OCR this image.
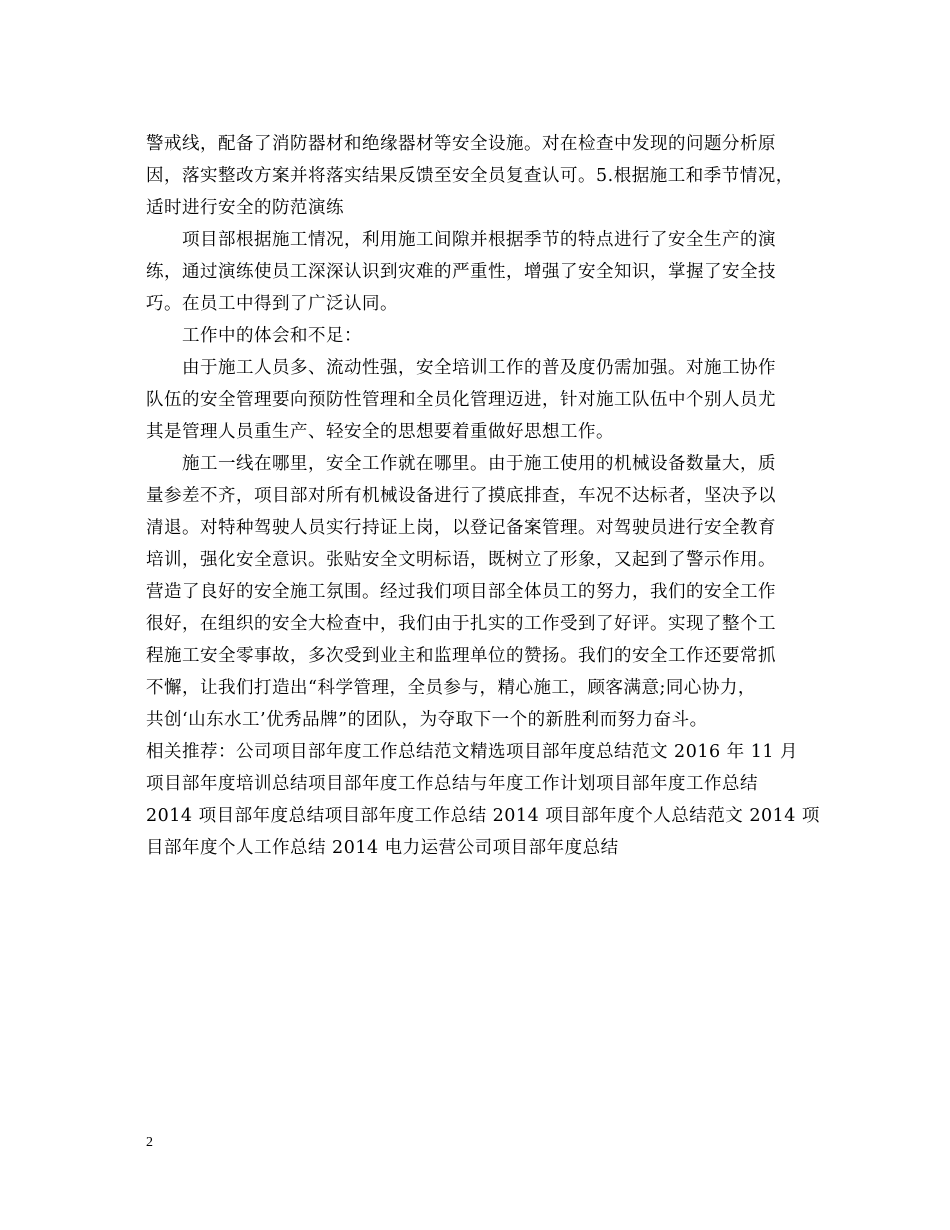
警戒线，配备了消防器材和绝缘器材等安全设施。对在检查中发现的问题分析原
因，落实整改方案并将落实结果反馈至安全员复查认可。5.根据施工和季节情况，
适时进行安全的防范演练

　　项目部根据施工情况，利用施工间隙并根据季节的特点进行了安全生产的演
练，通过演练使员工深深认识到灾难的严重性，增强了安全知识，掌握了安全技
巧。在员工中得到了广泛认同。

　　工作中的体会和不足：

　　由于施工人员多、流动性强，安全培训工作的普及度仍需加强。对施工协作
队伍的安全管理要向预防性管理和全员化管理迈进，针对施工队伍中个别人员尤
其是管理人员重生产、轻安全的思想要着重做好思想工作。

　　施工一线在哪里，安全工作就在哪里。由于施工使用的机械设备数量大，质
量参差不齐，项目部对所有机械设备进行了摸底排查，车况不达标者，坚决予以
清退。对特种驾驶人员实行持证上岗，以登记备案管理。对驾驶员进行安全教育
培训，强化安全意识。张贴安全文明标语，既树立了形象，又起到了警示作用。
营造了良好的安全施工氛围。经过我们项目部全体员工的努力，我们的安全工作
很好，在组织的安全大检查中，我们由于扎实的工作受到了好评。实现了整个工
程施工安全零事故，多次受到业主和监理单位的赞扬。我们的安全工作还要常抓
不懈，让我们打造出“科学管理，全员参与，精心施工，顾客满意;同心协力，
共创‘山东水工’优秀品牌”的团队，为夺取下一个的新胜利而努力奋斗。

相关推荐：公司项目部年度工作总结范文精选项目部年度总结范文 2016 年 11 月
项目部年度培训总结项目部年度工作总结与年度工作计划项目部年度工作总结
2014 项目部年度总结项目部年度工作总结 2014 项目部年度个人总结范文 2014 项
目部年度个人工作总结 2014 电力运营公司项目部年度总结

2
